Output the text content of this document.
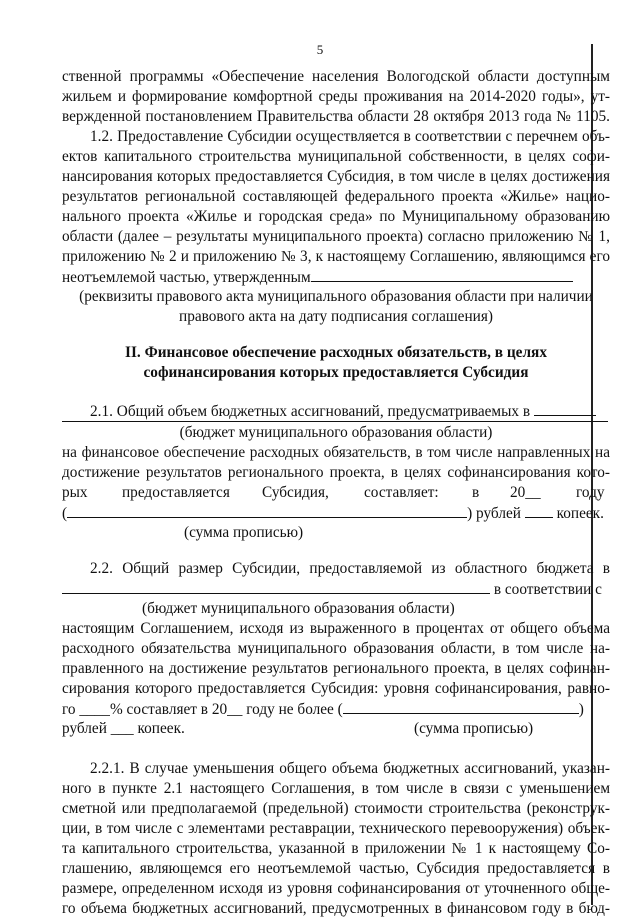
5
ственной программы «Обеспечение населения Вологодской области доступным
жильем и формирование комфортной среды проживания на 2014-2020 годы», ут-
вержденной постановлением Правительства области 28 октября 2013 года № 1105.
1.2. Предоставление Субсидии осуществляется в соответствии с перечнем объ-
ектов капитального строительства муниципальной собственности, в целях софи-
нансирования которых предоставляется Субсидия, в том числе в целях достижения
результатов региональной составляющей федерального проекта «Жилье» нацио-
нального проекта «Жилье и городская среда» по Муниципальному образованию
области (далее – результаты муниципального проекта) согласно приложению № 1,
приложению № 2 и приложению № 3, к настоящему Соглашению, являющимся его
неотъемлемой частью, утвержденным
(реквизиты правового акта муниципального образования области при наличии
правового акта на дату подписания соглашения)
II. Финансовое обеспечение расходных обязательств, в целях
софинансирования которых предоставляется Субсидия
2.1. Общий объем бюджетных ассигнований, предусматриваемых в
(бюджет муниципального образования области)
на финансовое обеспечение расходных обязательств, в том числе направленных на
достижение результатов регионального проекта, в целях софинансирования кото-
рых предоставляется Субсидия, составляет: в 20__ году
(	) рублей копеек.
(сумма прописью)
2.2. Общий размер Субсидии, предоставляемой из областного бюджета в
в соответствии с
(бюджет муниципального образования области)
настоящим Соглашением, исходя из выраженного в процентах от общего объема
расходного обязательства муниципального образования области, в том числе на-
правленного на достижение результатов регионального проекта, в целях софинан-
сирования которого предоставляется Субсидия: уровня софинансирования, равно-
го ____% составляет в 20__ году не более (	)
рублей ___ копеек.	(сумма прописью)
2.2.1. В случае уменьшения общего объема бюджетных ассигнований, указан-
ного в пункте 2.1 настоящего Соглашения, в том числе в связи с уменьшением
сметной или предполагаемой (предельной) стоимости строительства (реконструк-
ции, в том числе с элементами реставрации, технического перевооружения) объек-
та капитального строительства, указанной в приложении № 1 к настоящему Со-
глашению, являющемся его неотъемлемой частью, Субсидия предоставляется в
размере, определенном исходя из уровня софинансирования от уточненного обще-
го объема бюджетных ассигнований, предусмотренных в финансовом году в бюд-
